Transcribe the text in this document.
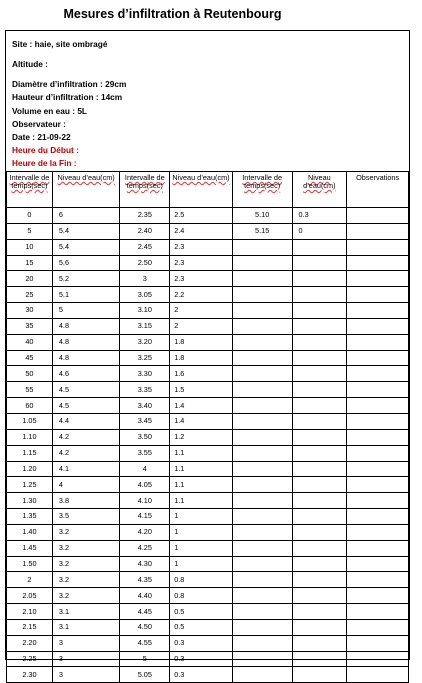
Mesures d’infiltration à Reutenbourg
Site : haie, site ombragé
Altitude :
Diamètre d’infiltration : 29cm
Hauteur d’infiltration : 14cm
Volume en eau : 5L
Observateur :
Date : 21-09-22
Heure du Début :
Heure de la Fin :
Intervalle de temps(sec)	Niveau d’eau(cm)	Intervalle de temps(sec)	Niveau d’eau(cm)	Intervalle de temps(sec)	Niveau d’eau(cm)	Observations
0	6	2.35	2.5	5.10	0.3	
5	5.4	2.40	2.4	5.15	0	
10	5.4	2.45	2.3			
15	5.6	2.50	2.3			
20	5.2	3	2.3			
25	5.1	3.05	2.2			
30	5	3.10	2			
35	4.8	3.15	2			
40	4.8	3.20	1.8			
45	4.8	3.25	1.8			
50	4.6	3.30	1.6			
55	4.5	3.35	1.5			
60	4.5	3.40	1.4			
1.05	4.4	3.45	1.4			
1.10	4.2	3.50	1.2			
1.15	4.2	3.55	1.1			
1.20	4.1	4	1.1			
1.25	4	4.05	1.1			
1.30	3.8	4.10	1.1			
1.35	3.5	4.15	1			
1.40	3.2	4.20	1			
1.45	3.2	4.25	1			
1.50	3.2	4.30	1			
2	3.2	4.35	0.8			
2.05	3.2	4.40	0.8			
2.10	3.1	4.45	0.5			
2.15	3.1	4.50	0.5			
2.20	3	4.55	0.3			
2.25	3	5	0.3			
2.30	3	5.05	0.3			
